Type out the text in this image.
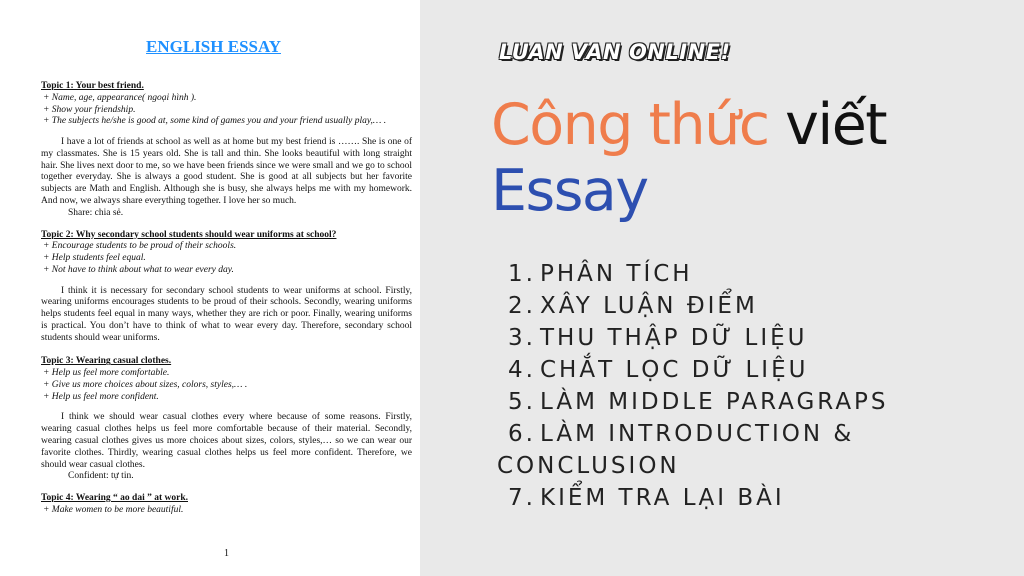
ENGLISH ESSAY
Topic 1: Your best friend.
+ Name, age, appearance( ngoại hình ).
+ Show your friendship.
+ The subjects he/she is good at, some kind of games you and your friend usually play,… .
I have a lot of friends at school as well as at home but my best friend is ……. She is one of my classmates. She is 15 years old. She is tall and thin. She looks beautiful with long straight hair. She lives next door to me, so we have been friends since we were small and we go to school together everyday. She is always a good student. She is good at all subjects but her favorite subjects are Math and English. Although she is busy, she always helps me with my homework. And now, we always share everything together. I love her so much.
Share: chia sẻ.
Topic 2: Why secondary school students should wear uniforms at school?
+ Encourage students to be proud of their schools.
+ Help students feel equal.
+ Not have to think about what to wear every day.
I think it is necessary for secondary school students to wear uniforms at school. Firstly, wearing uniforms encourages students to be proud of their schools. Secondly, wearing uniforms helps students feel equal in many ways, whether they are rich or poor. Finally, wearing uniforms is practical. You don’t have to think of what to wear every day. Therefore, secondary school students should wear uniforms.
Topic 3: Wearing casual clothes.
+ Help us feel more comfortable.
+ Give us more choices about sizes, colors, styles,… .
+ Help us feel more confident.
I think we should wear casual clothes every where because of some reasons. Firstly, wearing casual clothes helps us feel more comfortable because of their material. Secondly, wearing casual clothes gives us more choices about sizes, colors, styles,… so we can wear our favorite clothes. Thirdly, wearing casual clothes helps us feel more confident. Therefore, we should wear casual clothes.
Confident: tự tin.
Topic 4: Wearing “ ao dai ” at work.
+ Make women to be more beautiful.
1
LUAN VAN ONLINE!
Công thức viết
Essay
1. PHÂN TÍCH
2. XÂY LUẬN ĐIỂM
3. THU THẬP DỮ LIỆU
4. CHẮT LỌC DỮ LIỆU
5. LÀM MIDDLE PARAGRAPS
6. LÀM INTRODUCTION &
CONCLUSION
7. KIỂM TRA LẠI BÀI
